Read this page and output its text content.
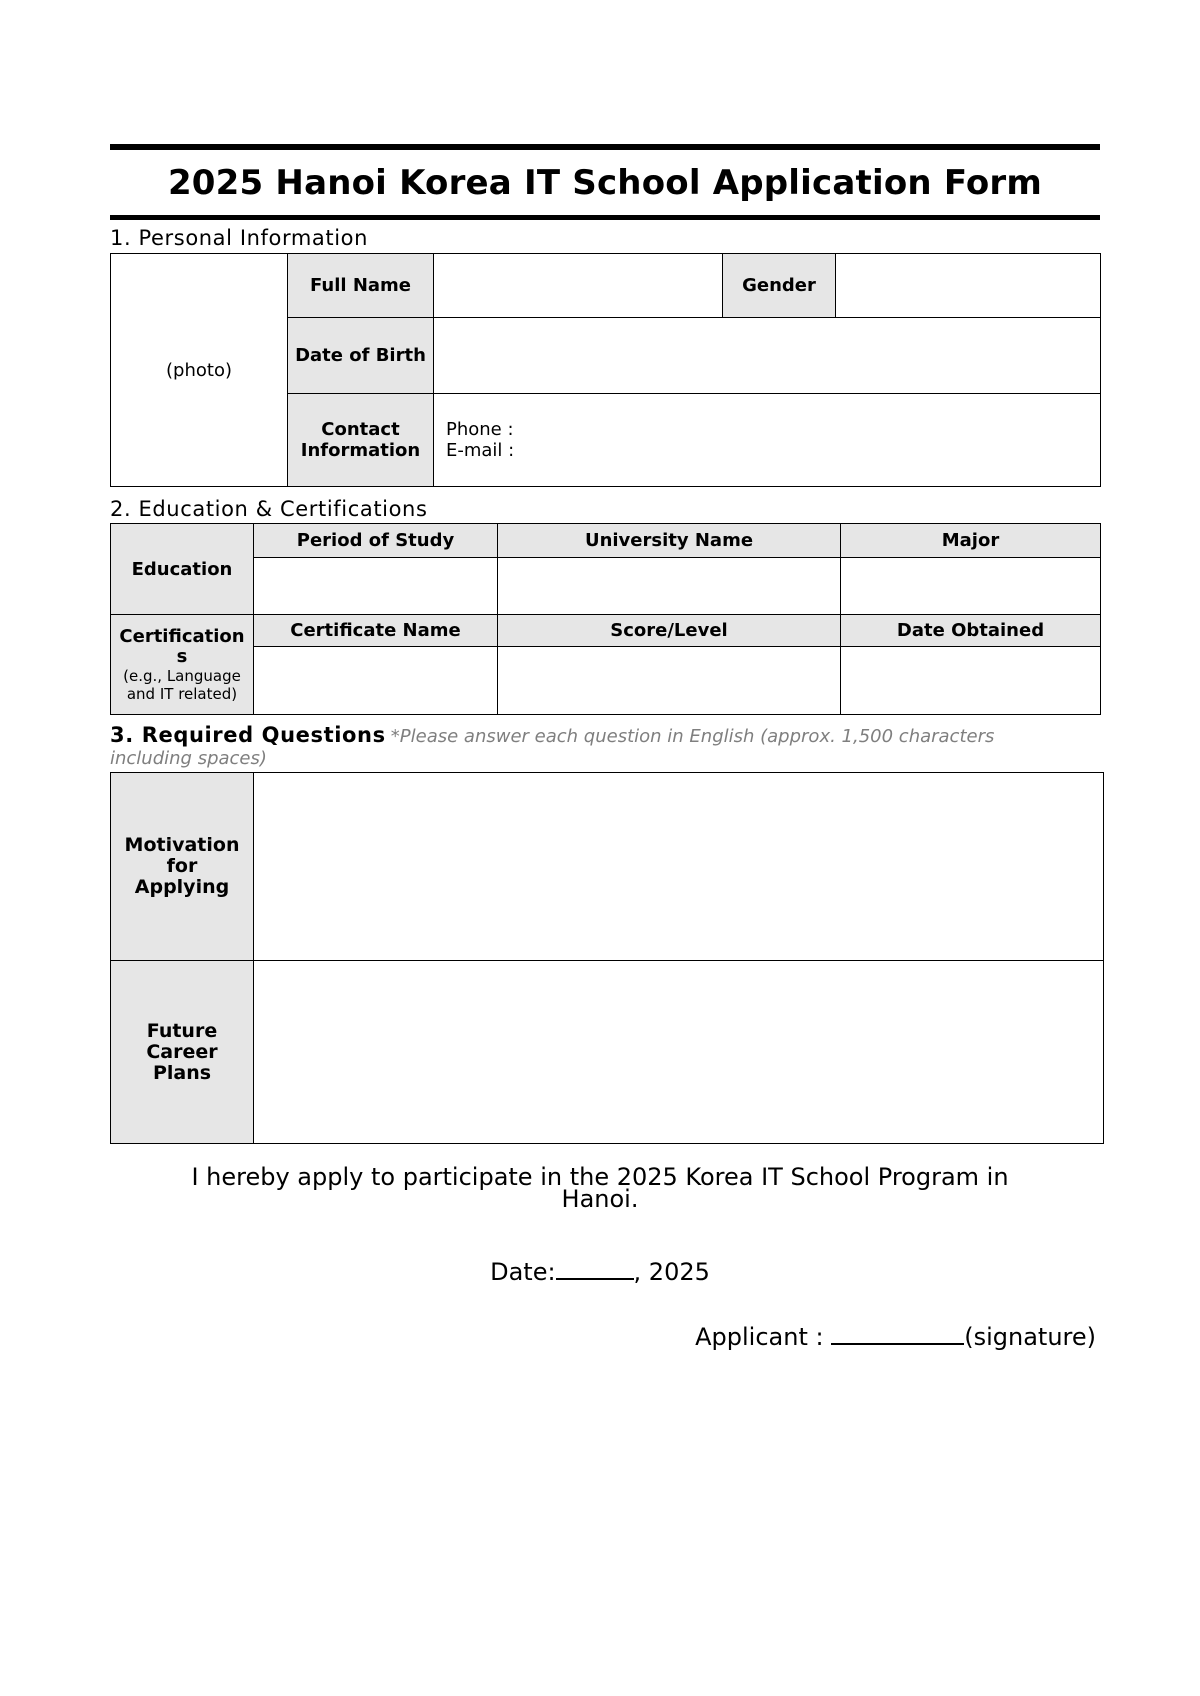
2025 Hanoi Korea IT School Application Form
1. Personal Information
(photo)	Full Name		Gender	
	Date of Birth			
	Contact Information	Phone :
E-mail :		
2. Education & Certifications
Education	Period of Study	University Name	Major

Certifications
(e.g., Language and IT related)	Certificate Name	Score/Level	Date Obtained

3. Required Questions *Please answer each question in English (approx. 1,500 characters including spaces)
Motivation for Applying	
Future Career Plans	
I hereby apply to participate in the 2025 Korea IT School Program in Hanoi.
Date:	, 2025
Applicant :	(signature)
